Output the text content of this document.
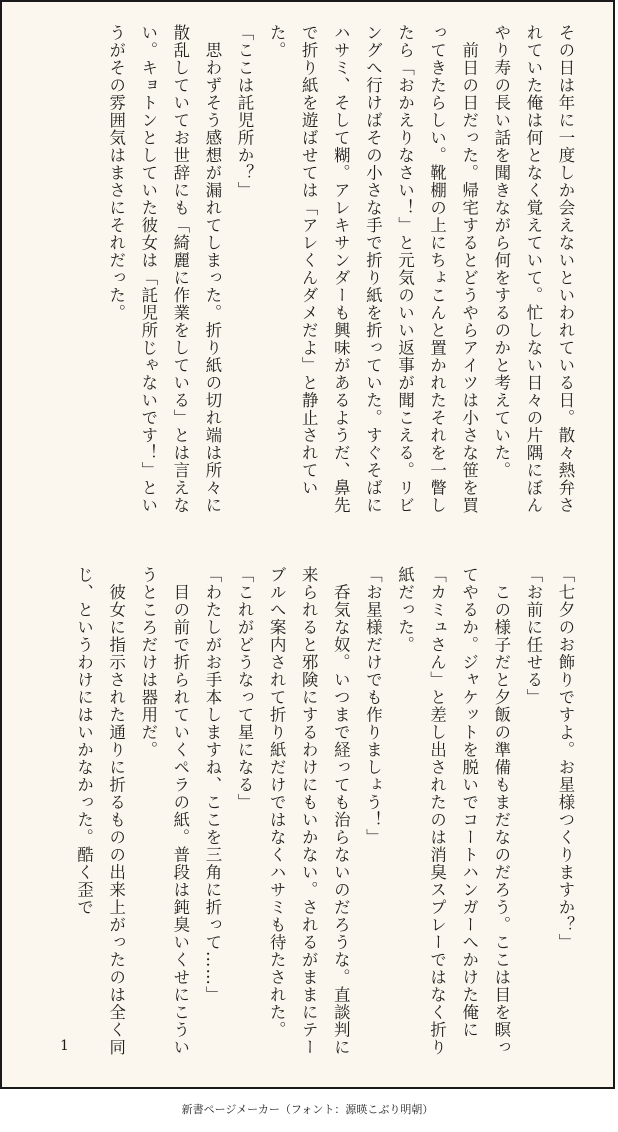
その日は年に一度しか会えないといわれている日。散々熱弁されていた俺は何となく覚えていて。忙しない日々の片隅にぼんやり寿の長い話を聞きながら何をするのかと考えていた。

　前日の日だった。帰宅するとどうやらアイツは小さな笹を買ってきたらしい。靴棚の上にちょこんと置かれたそれを一瞥したら「おかえりなさい！」と元気のいい返事が聞こえる。リビングへ行けばその小さな手で折り紙を折っていた。すぐそばにハサミ、そして糊。アレキサンダーも興味があるようだ、鼻先で折り紙を遊ばせては「アレくんダメだよ」と静止されていた。

「ここは託児所か？」

　思わずそう感想が漏れてしまった。折り紙の切れ端は所々に散乱していてお世辞にも「綺麗に作業をしている」とは言えない。キョトンとしていた彼女は「託児所じゃないです！」というがその雰囲気はまさにそれだった。

「七夕のお飾りですよ。お星様つくりますか？」

「お前に任せる」

　この様子だと夕飯の準備もまだなのだろう。ここは目を瞑ってやるか。ジャケットを脱いでコートハンガーへかけた俺に「カミュさん」と差し出されたのは消臭スプレーではなく折り紙だった。

「お星様だけでも作りましょう！」

　呑気な奴。いつまで経っても治らないのだろうな。直談判に来られると邪険にするわけにもいかない。されるがままにテーブルへ案内されて折り紙だけではなくハサミも待たされた。

「これがどうなって星になる」

「わたしがお手本しますね、ここを三角に折って……」

　目の前で折られていくペラの紙。普段は鈍臭いくせにこういうところだけは器用だ。

　彼女に指示された通りに折るものの出来上がったのは全く同じ、というわけにはいかなかった。酷く歪で

1
新書ページメーカー（フォント：源暎こぶり明朝）
